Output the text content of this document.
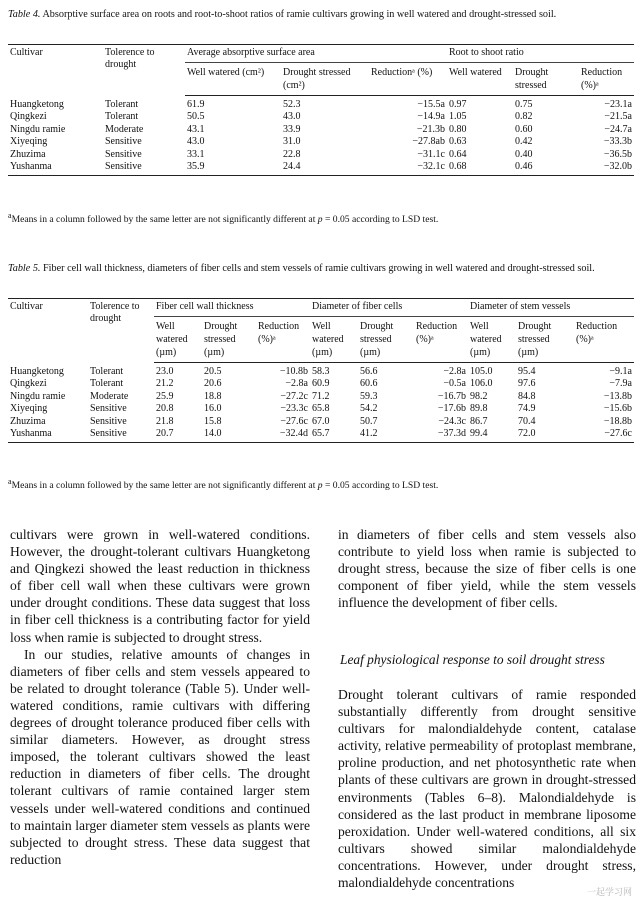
Table 4. Absorptive surface area on roots and root-to-shoot ratios of ramie cultivars growing in well watered and drought-stressed soil.
Cultivar	Tolerence to drought	Average absorptive surface area			Root to shoot ratio		
		Well watered (cm²)	Drought stressed (cm²)	Reductionᵃ (%)	Well watered	Drought stressed	Reduction (%)ᵃ
Huangketong	Tolerant	61.9	52.3	−15.5a	0.97	0.75	−23.1a
Qingkezi	Tolerant	50.5	43.0	−14.9a	1.05	0.82	−21.5a
Ningdu ramie	Moderate	43.1	33.9	−21.3b	0.80	0.60	−24.7a
Xiyeqing	Sensitive	43.0	31.0	−27.8ab	0.63	0.42	−33.3b
Zhuzima	Sensitive	33.1	22.8	−31.1c	0.64	0.40	−36.5b
Yushanma	Sensitive	35.9	24.4	−32.1c	0.68	0.46	−32.0b
$^a$Means in a column followed by the same letter are not significantly different at p = 0.05 according to LSD test.
Table 5. Fiber cell wall thickness, diameters of fiber cells and stem vessels of ramie cultivars growing in well watered and drought-stressed soil.
Cultivar	Tolerence to drought	Fiber cell wall thickness			Diameter of fiber cells			Diameter of stem vessels		
		Well watered (µm)	Drought stressed (µm)	Reduction (%)ᵃ	Well watered (µm)	Drought stressed (µm)	Reduction (%)ᵃ	Well watered (µm)	Drought stressed (µm)	Reduction (%)ᵃ
Huangketong	Tolerant	23.0	20.5	−10.8b	58.3	56.6	−2.8a	105.0	95.4	−9.1a
Qingkezi	Tolerant	21.2	20.6	−2.8a	60.9	60.6	−0.5a	106.0	97.6	−7.9a
Ningdu ramie	Moderate	25.9	18.8	−27.2c	71.2	59.3	−16.7b	98.2	84.8	−13.8b
Xiyeqing	Sensitive	20.8	16.0	−23.3c	65.8	54.2	−17.6b	89.8	74.9	−15.6b
Zhuzima	Sensitive	21.8	15.8	−27.6c	67.0	50.7	−24.3c	86.7	70.4	−18.8b
Yushanma	Sensitive	20.7	14.0	−32.4d	65.7	41.2	−37.3d	99.4	72.0	−27.6c
$^a$Means in a column followed by the same letter are not significantly different at p = 0.05 according to LSD test.

cultivars were grown in well-watered conditions. However, the drought-tolerant cultivars Huangketong and Qingkezi showed the least reduction in thickness of fiber cell wall when these cultivars were grown under drought conditions. These data suggest that loss in fiber cell thickness is a contributing factor for yield loss when ramie is subjected to drought stress.

In our studies, relative amounts of changes in diameters of fiber cells and stem vessels appeared to be related to drought tolerance (Table 5). Under well-watered conditions, ramie cultivars with differing degrees of drought tolerance produced fiber cells with similar diameters. However, as drought stress imposed, the tolerant cultivars showed the least reduction in diameters of fiber cells. The drought tolerant cultivars of ramie contained larger stem vessels under well-watered conditions and continued to maintain larger diameter stem vessels as plants were subjected to drought stress. These data suggest that reduction

in diameters of fiber cells and stem vessels also contribute to yield loss when ramie is subjected to drought stress, because the size of fiber cells is one component of fiber yield, while the stem vessels influence the development of fiber cells.

Leaf physiological response to soil drought stress

Drought tolerant cultivars of ramie responded substantially differently from drought sensitive cultivars for malondialdehyde content, catalase activity, relative permeability of protoplast membrane, proline production, and net photosynthetic rate when plants of these cultivars are grown in drought-stressed environments (Tables 6–8). Malondialdehyde is considered as the last product in membrane liposome peroxidation. Under well-watered conditions, all six cultivars showed similar malondialdehyde concentrations. However, under drought stress, malondialdehyde concentrations

一起学习网
